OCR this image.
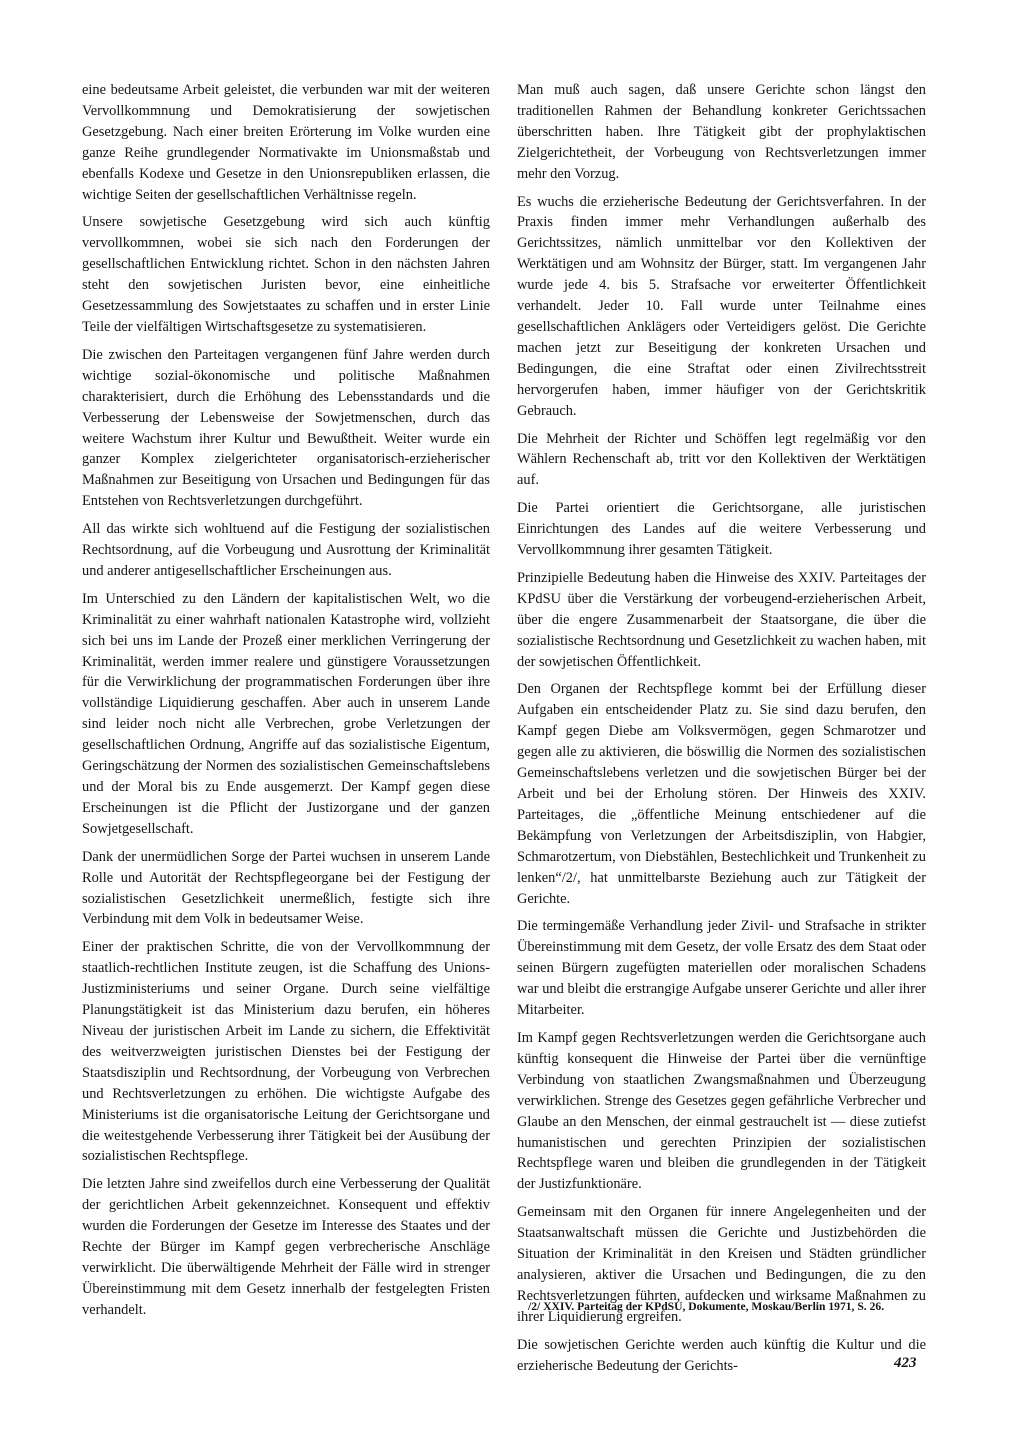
eine bedeutsame Arbeit geleistet, die verbunden war mit der weiteren Vervollkommnung und Demokratisierung der sowjetischen Gesetzgebung. Nach einer breiten Erörterung im Volke wurden eine ganze Reihe grundlegender Normativakte im Unionsmaßstab und ebenfalls Kodexe und Gesetze in den Unionsrepubliken erlassen, die wichtige Seiten der gesellschaftlichen Verhältnisse regeln.

Unsere sowjetische Gesetzgebung wird sich auch künftig vervollkommnen, wobei sie sich nach den Forderungen der gesellschaftlichen Entwicklung richtet. Schon in den nächsten Jahren steht den sowjetischen Juristen bevor, eine einheitliche Gesetzessammlung des Sowjetstaates zu schaffen und in erster Linie Teile der vielfältigen Wirtschaftsgesetze zu systematisieren.

Die zwischen den Parteitagen vergangenen fünf Jahre werden durch wichtige sozial-ökonomische und politische Maßnahmen charakterisiert, durch die Erhöhung des Lebensstandards und die Verbesserung der Lebensweise der Sowjetmenschen, durch das weitere Wachstum ihrer Kultur und Bewußtheit. Weiter wurde ein ganzer Komplex zielgerichteter organisatorisch-erzieherischer Maßnahmen zur Beseitigung von Ursachen und Bedingungen für das Entstehen von Rechtsverletzungen durchgeführt.

All das wirkte sich wohltuend auf die Festigung der sozialistischen Rechtsordnung, auf die Vorbeugung und Ausrottung der Kriminalität und anderer antigesellschaftlicher Erscheinungen aus.

Im Unterschied zu den Ländern der kapitalistischen Welt, wo die Kriminalität zu einer wahrhaft nationalen Katastrophe wird, vollzieht sich bei uns im Lande der Prozeß einer merklichen Verringerung der Kriminalität, werden immer realere und günstigere Voraussetzungen für die Verwirklichung der programmatischen Forderungen über ihre vollständige Liquidierung geschaffen. Aber auch in unserem Lande sind leider noch nicht alle Verbrechen, grobe Verletzungen der gesellschaftlichen Ordnung, Angriffe auf das sozialistische Eigentum, Geringschätzung der Normen des sozialistischen Gemeinschaftslebens und der Moral bis zu Ende ausgemerzt. Der Kampf gegen diese Erscheinungen ist die Pflicht der Justizorgane und der ganzen Sowjetgesellschaft.

Dank der unermüdlichen Sorge der Partei wuchsen in unserem Lande Rolle und Autorität der Rechtspflegeorgane bei der Festigung der sozialistischen Gesetzlichkeit unermeßlich, festigte sich ihre Verbindung mit dem Volk in bedeutsamer Weise.

Einer der praktischen Schritte, die von der Vervollkommnung der staatlich-rechtlichen Institute zeugen, ist die Schaffung des Unions-Justizministeriums und seiner Organe. Durch seine vielfältige Planungstätigkeit ist das Ministerium dazu berufen, ein höheres Niveau der juristischen Arbeit im Lande zu sichern, die Effektivität des weitverzweigten juristischen Dienstes bei der Festigung der Staatsdisziplin und Rechtsordnung, der Vorbeugung von Verbrechen und Rechtsverletzungen zu erhöhen. Die wichtigste Aufgabe des Ministeriums ist die organisatorische Leitung der Gerichtsorgane und die weitestgehende Verbesserung ihrer Tätigkeit bei der Ausübung der sozialistischen Rechtspflege.

Die letzten Jahre sind zweifellos durch eine Verbesserung der Qualität der gerichtlichen Arbeit gekennzeichnet. Konsequent und effektiv wurden die Forderungen der Gesetze im Interesse des Staates und der Rechte der Bürger im Kampf gegen verbrecherische Anschläge verwirklicht. Die überwältigende Mehrheit der Fälle wird in strenger Übereinstimmung mit dem Gesetz innerhalb der festgelegten Fristen verhandelt.

Man muß auch sagen, daß unsere Gerichte schon längst den traditionellen Rahmen der Behandlung konkreter Gerichtssachen überschritten haben. Ihre Tätigkeit gibt der prophylaktischen Zielgerichtetheit, der Vorbeugung von Rechtsverletzungen immer mehr den Vorzug.

Es wuchs die erzieherische Bedeutung der Gerichtsverfahren. In der Praxis finden immer mehr Verhandlungen außerhalb des Gerichtssitzes, nämlich unmittelbar vor den Kollektiven der Werktätigen und am Wohnsitz der Bürger, statt. Im vergangenen Jahr wurde jede 4. bis 5. Strafsache vor erweiterter Öffentlichkeit verhandelt. Jeder 10. Fall wurde unter Teilnahme eines gesellschaftlichen Anklägers oder Verteidigers gelöst. Die Gerichte machen jetzt zur Beseitigung der konkreten Ursachen und Bedingungen, die eine Straftat oder einen Zivilrechtsstreit hervorgerufen haben, immer häufiger von der Gerichtskritik Gebrauch.

Die Mehrheit der Richter und Schöffen legt regelmäßig vor den Wählern Rechenschaft ab, tritt vor den Kollektiven der Werktätigen auf.

Die Partei orientiert die Gerichtsorgane, alle juristischen Einrichtungen des Landes auf die weitere Verbesserung und Vervollkommnung ihrer gesamten Tätigkeit.

Prinzipielle Bedeutung haben die Hinweise des XXIV. Parteitages der KPdSU über die Verstärkung der vorbeugend-erzieherischen Arbeit, über die engere Zusammenarbeit der Staatsorgane, die über die sozialistische Rechtsordnung und Gesetzlichkeit zu wachen haben, mit der sowjetischen Öffentlichkeit.

Den Organen der Rechtspflege kommt bei der Erfüllung dieser Aufgaben ein entscheidender Platz zu. Sie sind dazu berufen, den Kampf gegen Diebe am Volksvermögen, gegen Schmarotzer und gegen alle zu aktivieren, die böswillig die Normen des sozialistischen Gemeinschaftslebens verletzen und die sowjetischen Bürger bei der Arbeit und bei der Erholung stören. Der Hinweis des XXIV. Parteitages, die „öffentliche Meinung entschiedener auf die Bekämpfung von Verletzungen der Arbeitsdisziplin, von Habgier, Schmarotzertum, von Diebstählen, Bestechlichkeit und Trunkenheit zu lenken“/2/, hat unmittelbarste Beziehung auch zur Tätigkeit der Gerichte.

Die termingemäße Verhandlung jeder Zivil- und Strafsache in strikter Übereinstimmung mit dem Gesetz, der volle Ersatz des dem Staat oder seinen Bürgern zugefügten materiellen oder moralischen Schadens war und bleibt die erstrangige Aufgabe unserer Gerichte und aller ihrer Mitarbeiter.

Im Kampf gegen Rechtsverletzungen werden die Gerichtsorgane auch künftig konsequent die Hinweise der Partei über die vernünftige Verbindung von staatlichen Zwangsmaßnahmen und Überzeugung verwirklichen. Strenge des Gesetzes gegen gefährliche Verbrecher und Glaube an den Menschen, der einmal gestrauchelt ist — diese zutiefst humanistischen und gerechten Prinzipien der sozialistischen Rechtspflege waren und bleiben die grundlegenden in der Tätigkeit der Justizfunktionäre.

Gemeinsam mit den Organen für innere Angelegenheiten und der Staatsanwaltschaft müssen die Gerichte und Justizbehörden die Situation der Kriminalität in den Kreisen und Städten gründlicher analysieren, aktiver die Ursachen und Bedingungen, die zu den Rechtsverletzungen führten, aufdecken und wirksame Maßnahmen zu ihrer Liquidierung ergreifen.

Die sowjetischen Gerichte werden auch künftig die Kultur und die erzieherische Bedeutung der Gerichts-

/2/ XXIV. Parteitag der KPdSU, Dokumente, Moskau/Berlin 1971, S. 26.
423
